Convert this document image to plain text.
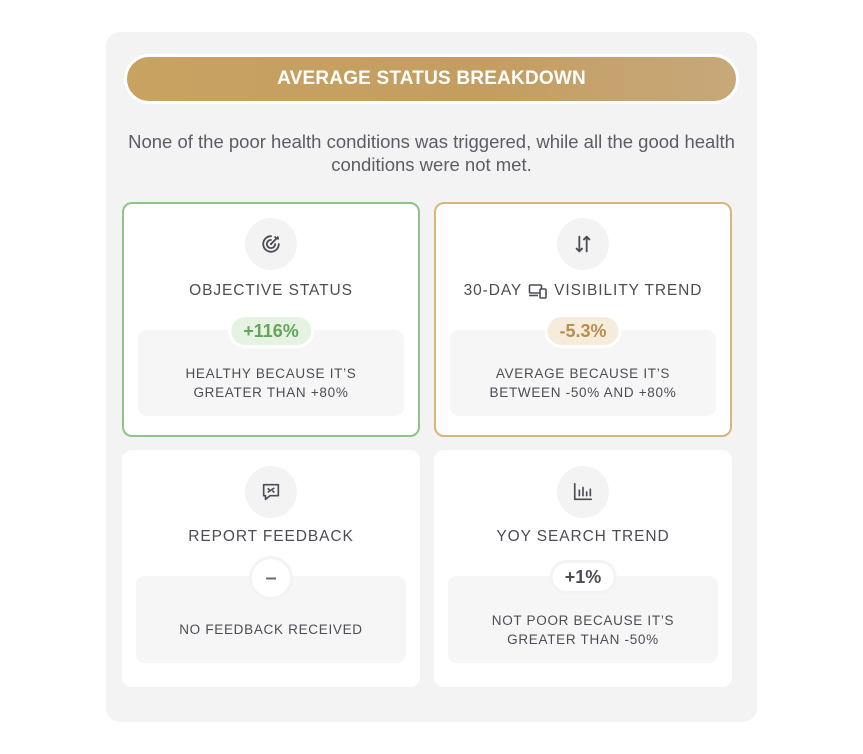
AVERAGE STATUS BREAKDOWN
None of the poor health conditions was triggered, while all the good health conditions were not met.
OBJECTIVE STATUS
HEALTHY BECAUSE IT’S
GREATER THAN +80%
+116%
30-DAY VISIBILITY TREND
AVERAGE BECAUSE IT’S
BETWEEN -50% AND +80%
-5.3%
REPORT FEEDBACK
NO FEEDBACK RECEIVED
–
YOY SEARCH TREND
NOT POOR BECAUSE IT’S
GREATER THAN -50%
+1%
